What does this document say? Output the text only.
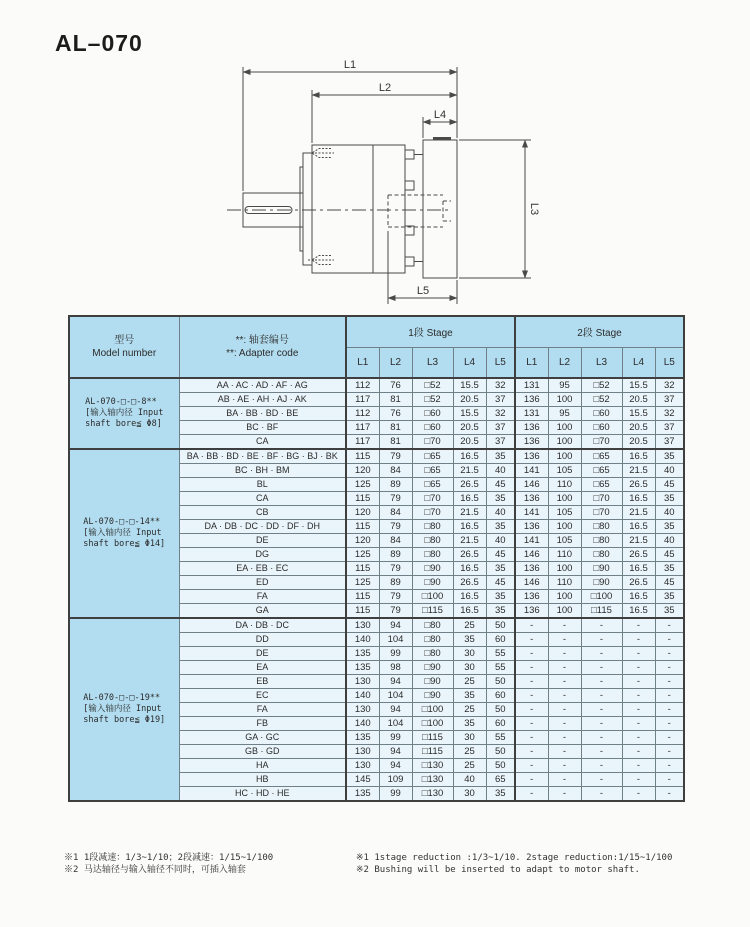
AL–070
L1
L2
L4
L3
L5
型号
Model number

**: 轴套编号
**: Adapter code
	1段 Stage	2段 Stage
		L1	L2	L3	L4	L5	L1	L2	L3	L4	L5

AL-070-□-□-8**
[输入轴内径 Input
shaft bore≦ Φ8]	AA · AC · AD · AF · AG	112	76	□52	15.5	32	131	95	□52	15.5	32
	AB · AE · AH · AJ · AK	117	81	□52	20.5	37	136	100	□52	20.5	37
	BA · BB · BD · BE	112	76	□60	15.5	32	131	95	□60	15.5	32
	BC · BF	117	81	□60	20.5	37	136	100	□60	20.5	37
	CA	117	81	□70	20.5	37	136	100	□70	20.5	37

AL-070-□-□-14**
[输入轴内径 Input
shaft bore≦ Φ14]	BA · BB · BD · BE · BF · BG · BJ · BK	115	79	□65	16.5	35	136	100	□65	16.5	35
	BC · BH · BM	120	84	□65	21.5	40	141	105	□65	21.5	40
	BL	125	89	□65	26.5	45	146	110	□65	26.5	45
	CA	115	79	□70	16.5	35	136	100	□70	16.5	35
	CB	120	84	□70	21.5	40	141	105	□70	21.5	40
	DA · DB · DC · DD · DF · DH	115	79	□80	16.5	35	136	100	□80	16.5	35
	DE	120	84	□80	21.5	40	141	105	□80	21.5	40
	DG	125	89	□80	26.5	45	146	110	□80	26.5	45
	EA · EB · EC	115	79	□90	16.5	35	136	100	□90	16.5	35
	ED	125	89	□90	26.5	45	146	110	□90	26.5	45
	FA	115	79	□100	16.5	35	136	100	□100	16.5	35
	GA	115	79	□115	16.5	35	136	100	□115	16.5	35

AL-070-□-□-19**
[输入轴内径 Input
shaft bore≦ Φ19]	DA · DB · DC	130	94	□80	25	50	-	-	-	-	-
	DD	140	104	□80	35	60	-	-	-	-	-
	DE	135	99	□80	30	55	-	-	-	-	-
	EA	135	98	□90	30	55	-	-	-	-	-
	EB	130	94	□90	25	50	-	-	-	-	-
	EC	140	104	□90	35	60	-	-	-	-	-
	FA	130	94	□100	25	50	-	-	-	-	-
	FB	140	104	□100	35	60	-	-	-	-	-
	GA · GC	135	99	□115	30	55	-	-	-	-	-
	GB · GD	130	94	□115	25	50	-	-	-	-	-
	HA	130	94	□130	25	50	-	-	-	-	-
	HB	145	109	□130	40	65	-	-	-	-	-
	HC · HD · HE	135	99	□130	30	35	-	-	-	-	-
※1 1段减速：1/3~1/10；2段减速：1/15~1/100
※2 马达轴径与输入轴径不同时，可插入轴套
※1 1stage reduction :1/3~1/10. 2stage reduction:1/15~1/100
※2 Bushing will be inserted to adapt to motor shaft.
